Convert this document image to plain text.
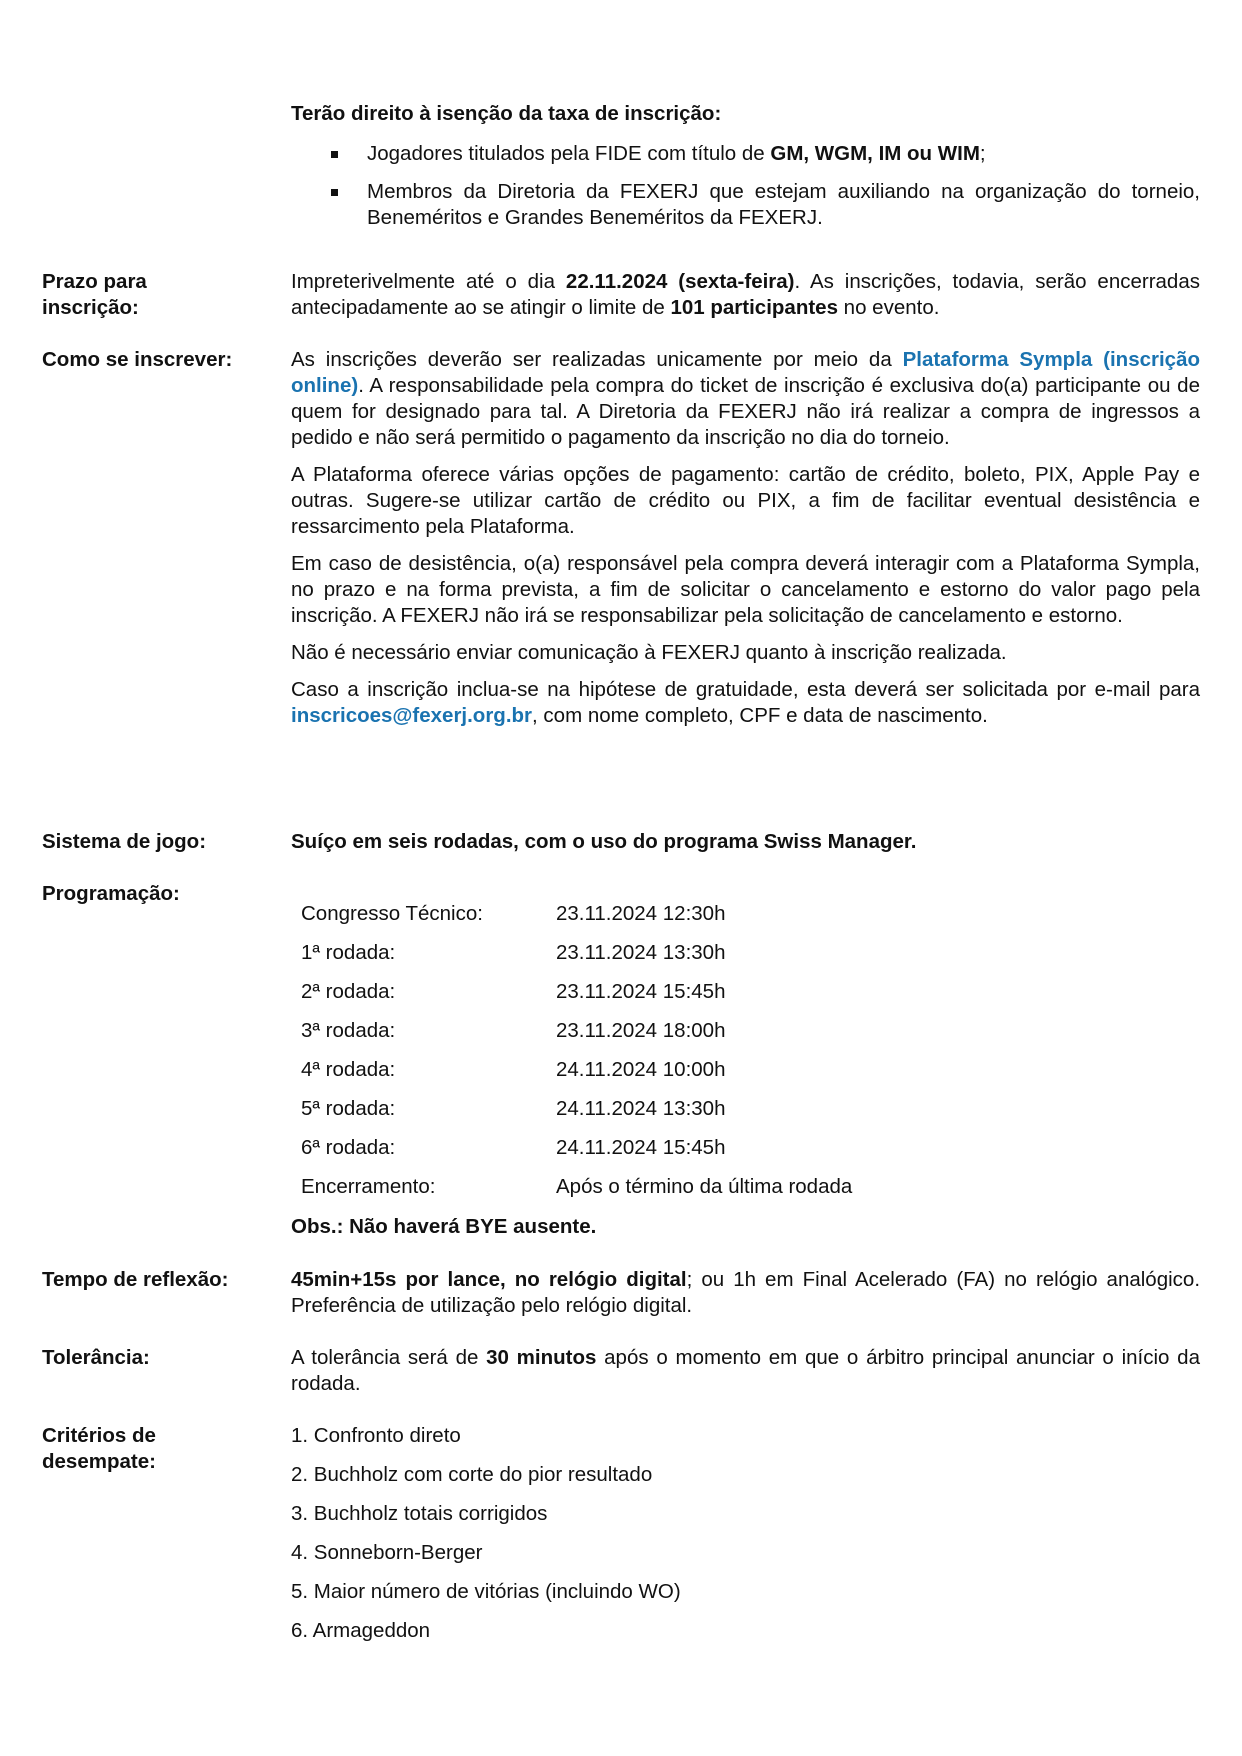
Terão direito à isenção da taxa de inscrição:

Jogadores titulados pela FIDE com título de GM, WGM, IM ou WIM;
Membros da Diretoria da FEXERJ que estejam auxiliando na organização do torneio, Beneméritos e Grandes Beneméritos da FEXERJ.
Prazo para
inscrição:

Impreterivelmente até o dia 22.11.2024 (sexta-feira). As inscrições, todavia, serão encerradas antecipadamente ao se atingir o limite de 101 participantes no evento.

Como se inscrever:	As inscrições deverão ser realizadas unicamente por meio da Plataforma Sympla (inscrição online). A responsabilidade pela compra do ticket de inscrição é exclusiva do(a) participante ou de quem for designado para tal. A Diretoria da FEXERJ não irá realizar a compra de ingressos a pedido e não será permitido o pagamento da inscrição no dia do torneio.

A Plataforma oferece várias opções de pagamento: cartão de crédito, boleto, PIX, Apple Pay e outras. Sugere-se utilizar cartão de crédito ou PIX, a fim de facilitar eventual desistência e ressarcimento pela Plataforma.

Em caso de desistência, o(a) responsável pela compra deverá interagir com a Plataforma Sympla, no prazo e na forma prevista, a fim de solicitar o cancelamento e estorno do valor pago pela inscrição. A FEXERJ não irá se responsabilizar pela solicitação de cancelamento e estorno.

Não é necessário enviar comunicação à FEXERJ quanto à inscrição realizada.

Caso a inscrição inclua-se na hipótese de gratuidade, esta deverá ser solicitada por e-mail para inscricoes@fexerj.org.br, com nome completo, CPF e data de nascimento.

Sistema de jogo:	Suíço em seis rodadas, com o uso do programa Swiss Manager.
Programação:
Congresso Técnico:	23.11.2024 12:30h
1ª rodada:	23.11.2024 13:30h
2ª rodada:	23.11.2024 15:45h
3ª rodada:	23.11.2024 18:00h
4ª rodada:	24.11.2024 10:00h
5ª rodada:	24.11.2024 13:30h
6ª rodada:	24.11.2024 15:45h
Encerramento:	Após o término da última rodada

Obs.: Não haverá BYE ausente.

Tempo de reflexão:	45min+15s por lance, no relógio digital; ou 1h em Final Acelerado (FA) no relógio analógico. Preferência de utilização pelo relógio digital.

Tolerância:	A tolerância será de 30 minutos após o momento em que o árbitro principal anunciar o início da rodada.

Critérios de
desempate:

1. Confronto direto

2. Buchholz com corte do pior resultado

3. Buchholz totais corrigidos

4. Sonneborn-Berger

5. Maior número de vitórias (incluindo WO)

6. Armageddon
